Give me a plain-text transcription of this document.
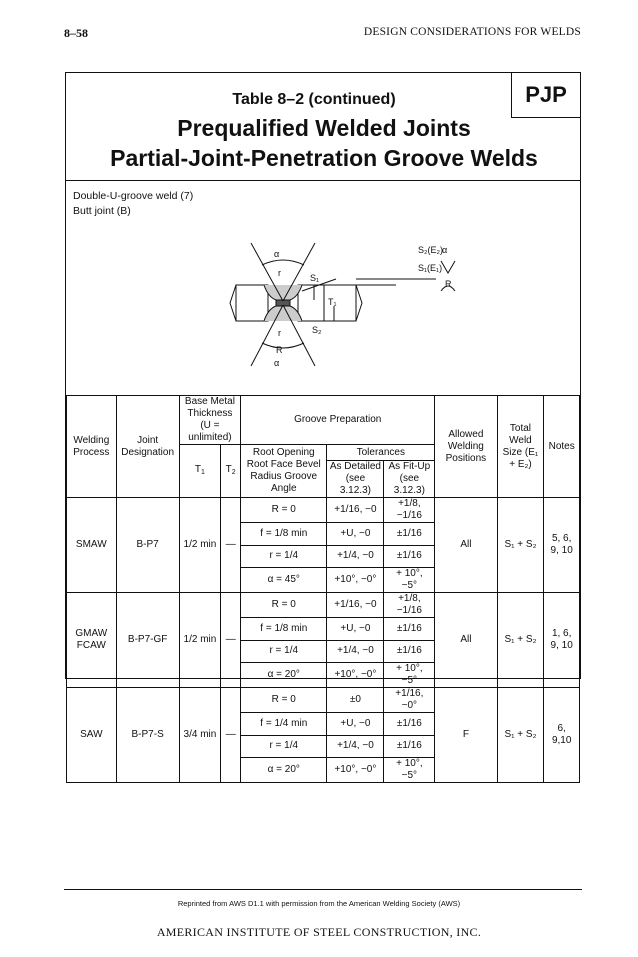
8–58	DESIGN CONSIDERATIONS FOR WELDS
PJP
Table 8–2 (continued)
Prequalified Welded Joints
Partial-Joint-Penetration Groove Welds
Double-U-groove weld (7)
Butt joint (B)
α
r
α
r
R
S₂(E₂)
S₁(E₁)
α
R
S₁
T₁
S₂
Welding Process	Joint Designation	Base Metal Thickness
(U = unlimited)		Groove Preparation			Allowed Welding Positions	Total Weld Size (E₁ + E₂)	Notes
		$T_1$	$T_2$	Root Opening Root Face Bevel Radius Groove Angle	Tolerances				
					As Detailed (see 3.12.3)	As Fit-Up (see 3.12.3)			
SMAW	B-P7	1/2 min	—	R = 0	+1/16, −0	+1/8, −1/16	All	S₁ + S₂	5, 6, 9, 10
				f = 1/8 min	+U, −0	±1/16			
				r = 1/4	+1/4, −0	±1/16			
				α = 45°	+10°, −0°	+ 10°, −5°			
GMAW FCAW	B-P7-GF	1/2 min	—	R = 0	+1/16, −0	+1/8, −1/16	All	S₁ + S₂	1, 6, 9, 10
				f = 1/8 min	+U, −0	±1/16			
				r = 1/4	+1/4, −0	±1/16			
				α = 20°	+10°, −0°	+ 10°, −5°			
SAW	B-P7-S	3/4 min	—	R = 0	±0	+1/16, −0°	F	S₁ + S₂	6, 9,10
				f = 1/4 min	+U, −0	±1/16			
				r = 1/4	+1/4, −0	±1/16			
				α = 20°	+10°, −0°	+ 10°, −5°			
Reprinted from AWS D1.1 with permission from the American Welding Society (AWS)
AMERICAN INSTITUTE OF STEEL CONSTRUCTION, INC.
